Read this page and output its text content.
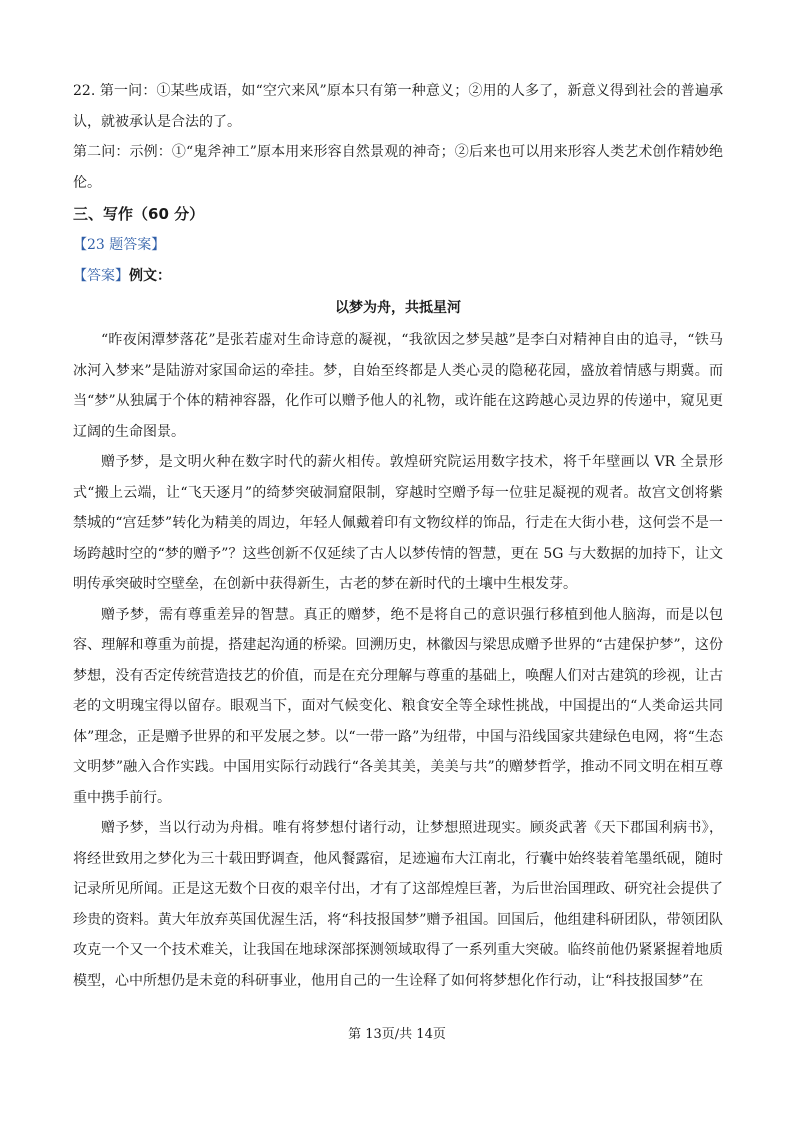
22. 第一问：①某些成语，如“空穴来风”原本只有第一种意义；②用的人多了，新意义得到社会的普遍承认，就被承认是合法的了。

第二问：示例：①“鬼斧神工”原本用来形容自然景观的神奇；②后来也可以用来形容人类艺术创作精妙绝伦。

三、写作（60 分）

【23 题答案】

【答案】例文：

以梦为舟，共抵星河

“昨夜闲潭梦落花”是张若虚对生命诗意的凝视，“我欲因之梦吴越”是李白对精神自由的追寻，“铁马冰河入梦来”是陆游对家国命运的牵挂。梦，自始至终都是人类心灵的隐秘花园，盛放着情感与期冀。而当“梦”从独属于个体的精神容器，化作可以赠予他人的礼物，或许能在这跨越心灵边界的传递中，窥见更辽阔的生命图景。

赠予梦，是文明火种在数字时代的薪火相传。敦煌研究院运用数字技术，将千年壁画以 VR 全景形式“搬上云端，让“飞天逐月”的绮梦突破洞窟限制，穿越时空赠予每一位驻足凝视的观者。故宫文创将紫禁城的“宫廷梦”转化为精美的周边，年轻人佩戴着印有文物纹样的饰品，行走在大街小巷，这何尝不是一场跨越时空的“梦的赠予”？这些创新不仅延续了古人以梦传情的智慧，更在 5G 与大数据的加持下，让文明传承突破时空壁垒，在创新中获得新生，古老的梦在新时代的土壤中生根发芽。

赠予梦，需有尊重差异的智慧。真正的赠梦，绝不是将自己的意识强行移植到他人脑海，而是以包容、理解和尊重为前提，搭建起沟通的桥梁。回溯历史，林徽因与梁思成赠予世界的“古建保护梦”，这份梦想，没有否定传统营造技艺的价值，而是在充分理解与尊重的基础上，唤醒人们对古建筑的珍视，让古老的文明瑰宝得以留存。眼观当下，面对气候变化、粮食安全等全球性挑战，中国提出的“人类命运共同体”理念，正是赠予世界的和平发展之梦。以“一带一路”为纽带，中国与沿线国家共建绿色电网，将“生态文明梦”融入合作实践。中国用实际行动践行“各美其美，美美与共”的赠梦哲学，推动不同文明在相互尊重中携手前行。

赠予梦，当以行动为舟楫。唯有将梦想付诸行动，让梦想照进现实。顾炎武著《天下郡国利病书》，将经世致用之梦化为三十载田野调查，他风餐露宿，足迹遍布大江南北，行囊中始终装着笔墨纸砚，随时记录所见所闻。正是这无数个日夜的艰辛付出，才有了这部煌煌巨著，为后世治国理政、研究社会提供了珍贵的资料。黄大年放弃英国优渥生活，将“科技报国梦”赠予祖国。回国后，他组建科研团队，带领团队攻克一个又一个技术难关，让我国在地球深部探测领域取得了一系列重大突破。临终前他仍紧紧握着地质模型，心中所想仍是未竟的科研事业，他用自己的一生诠释了如何将梦想化作行动，让“科技报国梦”在

第 13页/共 14页
